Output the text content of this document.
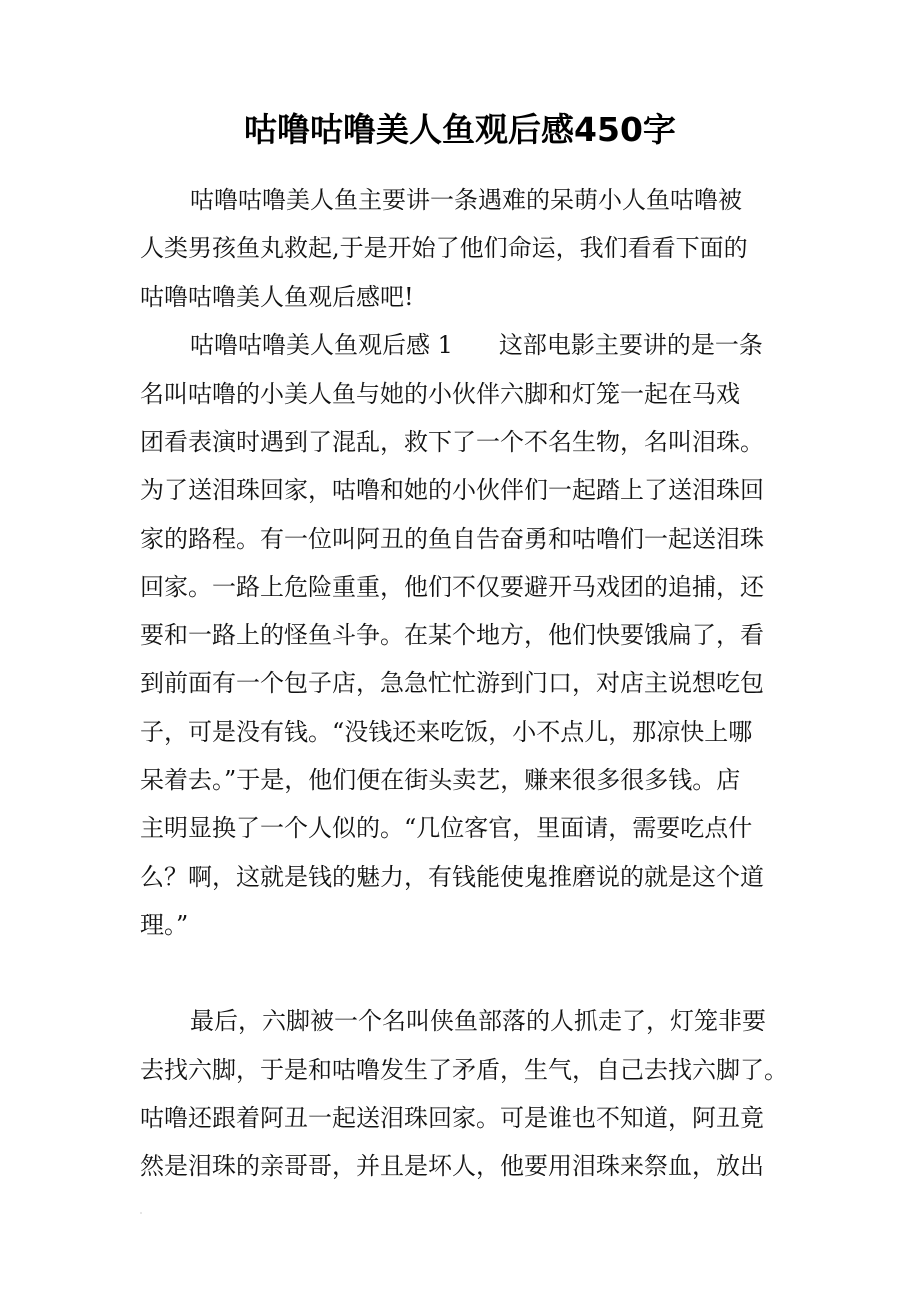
咕噜咕噜美人鱼观后感450字
咕噜咕噜美人鱼主要讲一条遇难的呆萌小人鱼咕噜被
人类男孩鱼丸救起,于是开始了他们命运，我们看看下面的
咕噜咕噜美人鱼观后感吧!
咕噜咕噜美人鱼观后感 1 这部电影主要讲的是一条
名叫咕噜的小美人鱼与她的小伙伴六脚和灯笼一起在马戏
团看表演时遇到了混乱，救下了一个不名生物，名叫泪珠。
为了送泪珠回家，咕噜和她的小伙伴们一起踏上了送泪珠回
家的路程。有一位叫阿丑的鱼自告奋勇和咕噜们一起送泪珠
回家。一路上危险重重，他们不仅要避开马戏团的追捕，还
要和一路上的怪鱼斗争。在某个地方，他们快要饿扁了，看
到前面有一个包子店，急急忙忙游到门口，对店主说想吃包
子，可是没有钱。“没钱还来吃饭，小不点儿，那凉快上哪
呆着去。”于是，他们便在街头卖艺，赚来很多很多钱。店
主明显换了一个人似的。“几位客官，里面请，需要吃点什
么？啊，这就是钱的魅力，有钱能使鬼推磨说的就是这个道
理。”
最后，六脚被一个名叫侠鱼部落的人抓走了，灯笼非要
去找六脚，于是和咕噜发生了矛盾，生气，自己去找六脚了。
咕噜还跟着阿丑一起送泪珠回家。可是谁也不知道，阿丑竟
然是泪珠的亲哥哥，并且是坏人，他要用泪珠来祭血，放出
